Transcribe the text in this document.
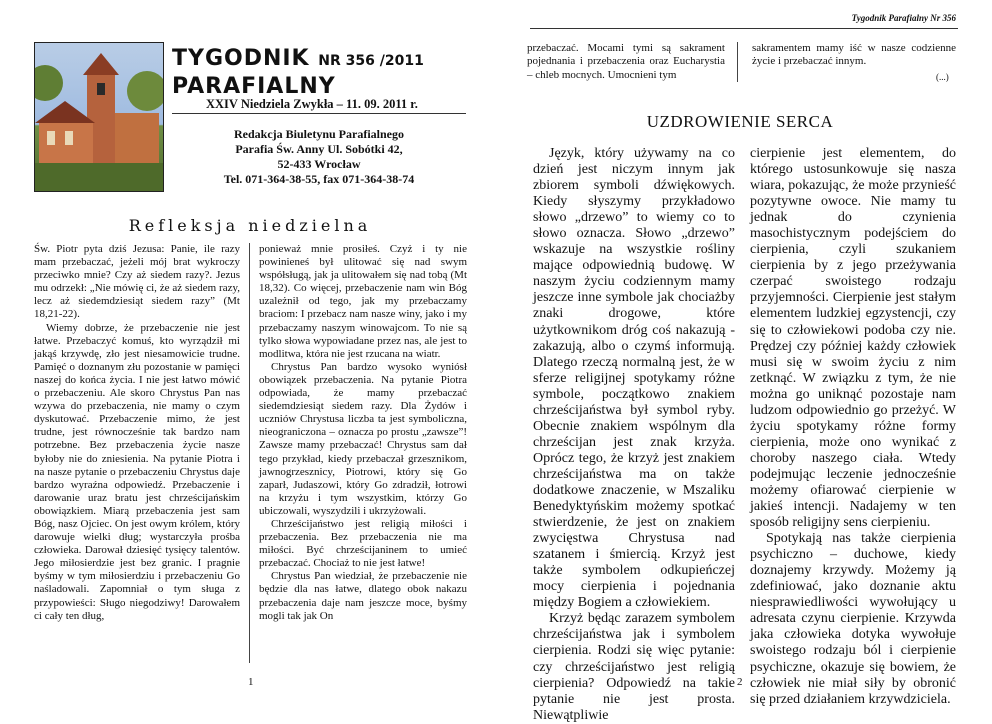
Tygodnik Parafialny Nr 356
TYGODNIK NR 356 /2011
PARAFIALNY
XXIV Niedziela Zwykła – 11. 09. 2011 r.
Redakcja Biuletynu Parafialnego
Parafia Św. Anny Ul. Sobótki 42,
52-433 Wrocław
Tel. 071-364-38-55, fax 071-364-38-74
Refleksja niedzielna

Św. Piotr pyta dziś Jezusa: Panie, ile razy mam przebaczać, jeżeli mój brat wykroczy przeciwko mnie? Czy aż siedem razy?. Jezus mu odrzekł: „Nie mówię ci, że aż siedem razy, lecz aż siedemdziesiąt siedem razy” (Mt 18,21-22).

Wiemy dobrze, że przebaczenie nie jest łatwe. Przebaczyć komuś, kto wyrządził mi jakąś krzywdę, zło jest niesamowicie trudne. Pamięć o doznanym złu pozostanie w pamięci naszej do końca życia. I nie jest łatwo mówić o przebaczeniu. Ale skoro Chrystus Pan nas wzywa do przebaczenia, nie mamy o czym dyskutować. Przebaczenie mimo, że jest trudne, jest równocześnie tak bardzo nam potrzebne. Bez przebaczenia życie nasze byłoby nie do zniesienia. Na pytanie Piotra i na nasze pytanie o przebaczeniu Chrystus daje bardzo wyraźna odpowiedź. Przebaczenie i darowanie uraz bratu jest chrześcijańskim obowiązkiem. Miarą przebaczenia jest sam Bóg, nasz Ojciec. On jest owym królem, który darowuje wielki dług; wystarczyła prośba człowieka. Darował dziesięć tysięcy talentów. Jego miłosierdzie jest bez granic. I pragnie byśmy w tym miłosierdziu i przebaczeniu Go naśladowali. Zapomniał o tym sługa z przypowieści: Sługo niegodziwy! Darowałem ci cały ten dług,

ponieważ mnie prosiłeś. Czyż i ty nie powinieneś był ulitować się nad swym współsługą, jak ja ulitowałem się nad tobą (Mt 18,32). Co więcej, przebaczenie nam win Bóg uzależnił od tego, jak my przebaczamy braciom: I przebacz nam nasze winy, jako i my przebaczamy naszym winowajcom. To nie są tylko słowa wypowiadane przez nas, ale jest to modlitwa, która nie jest rzucana na wiatr.

Chrystus Pan bardzo wysoko wyniósł obowiązek przebaczenia. Na pytanie Piotra odpowiada, że mamy przebaczać siedemdziesiąt siedem razy. Dla Żydów i uczniów Chrystusa liczba ta jest symboliczna, nieograniczona – oznacza po prostu „zawsze”! Zawsze mamy przebaczać! Chrystus sam dał tego przykład, kiedy przebaczał grzesznikom, jawnogrzesznicy, Piotrowi, który się Go zaparł, Judaszowi, który Go zdradził, łotrowi na krzyżu i tym wszystkim, którzy Go ubiczowali, wyszydzili i ukrzyżowali.

Chrześcijaństwo jest religią miłości i przebaczenia. Bez przebaczenia nie ma miłości. Być chrześcijaninem to umieć przebaczać. Chociaż to nie jest łatwe!

Chrystus Pan wiedział, że przebaczenie nie będzie dla nas łatwe, dlatego obok nakazu przebaczenia daje nam jeszcze moce, byśmy mogli tak jak On

1
przebaczać. Mocami tymi są sakrament pojednania i przebaczenia oraz Eucharystia – chleb mocnych. Umocnieni tym
sakramentem mamy iść w nasze codzienne życie i przebaczać innym.
(...)
UZDROWIENIE SERCA

Język, który używamy na co dzień jest niczym innym jak zbiorem symboli dźwiękowych. Kiedy słyszymy przykładowo słowo „drzewo” to wiemy co to słowo oznacza. Słowo „drzewo” wskazuje na wszystkie rośliny mające odpowiednią budowę. W naszym życiu codziennym mamy jeszcze inne symbole jak chociażby znaki drogowe, które użytkownikom dróg coś nakazują - zakazują, albo o czymś informują. Dlatego rzeczą normalną jest, że w sferze religijnej spotykamy różne symbole, początkowo znakiem chrześcijaństwa był symbol ryby. Obecnie znakiem wspólnym dla chrześcijan jest znak krzyża. Oprócz tego, że krzyż jest znakiem chrześcijaństwa ma on także dodatkowe znaczenie, w Mszaliku Benedyktyńskim możemy spotkać stwierdzenie, że jest on znakiem zwycięstwa Chrystusa nad szatanem i śmiercią. Krzyż jest także symbolem odkupieńczej mocy cierpienia i pojednania między Bogiem a człowiekiem.

Krzyż będąc zarazem symbolem chrześcijaństwa jak i symbolem cierpienia. Rodzi się więc pytanie: czy chrześcijaństwo jest religią cierpienia? Odpowiedź na takie pytanie nie jest prosta. Niewątpliwie

cierpienie jest elementem, do którego ustosunkowuje się nasza wiara, pokazując, że może przynieść pozytywne owoce. Nie mamy tu jednak do czynienia masochistycznym podejściem do cierpienia, czyli szukaniem cierpienia by z jego przeżywania czerpać swoistego rodzaju przyjemności. Cierpienie jest stałym elementem ludzkiej egzystencji, czy się to człowiekowi podoba czy nie. Prędzej czy później każdy człowiek musi się w swoim życiu z nim zetknąć. W związku z tym, że nie można go uniknąć pozostaje nam ludzom odpowiednio go przeżyć. W życiu spotykamy różne formy cierpienia, może ono wynikać z choroby naszego ciała. Wtedy podejmując leczenie jednocześnie możemy ofiarować cierpienie w jakieś intencji. Nadajemy w ten sposób religijny sens cierpieniu.

Spotykają nas także cierpienia psychiczno – duchowe, kiedy doznajemy krzywdy. Możemy ją zdefiniować, jako doznanie aktu niesprawiedliwości wywołujący u adresata czynu cierpienie. Krzywda jaka człowieka dotyka wywołuje swoistego rodzaju ból i cierpienie psychiczne, okazuje się bowiem, że człowiek nie miał siły by obronić się przed działaniem krzywdziciela.

2
